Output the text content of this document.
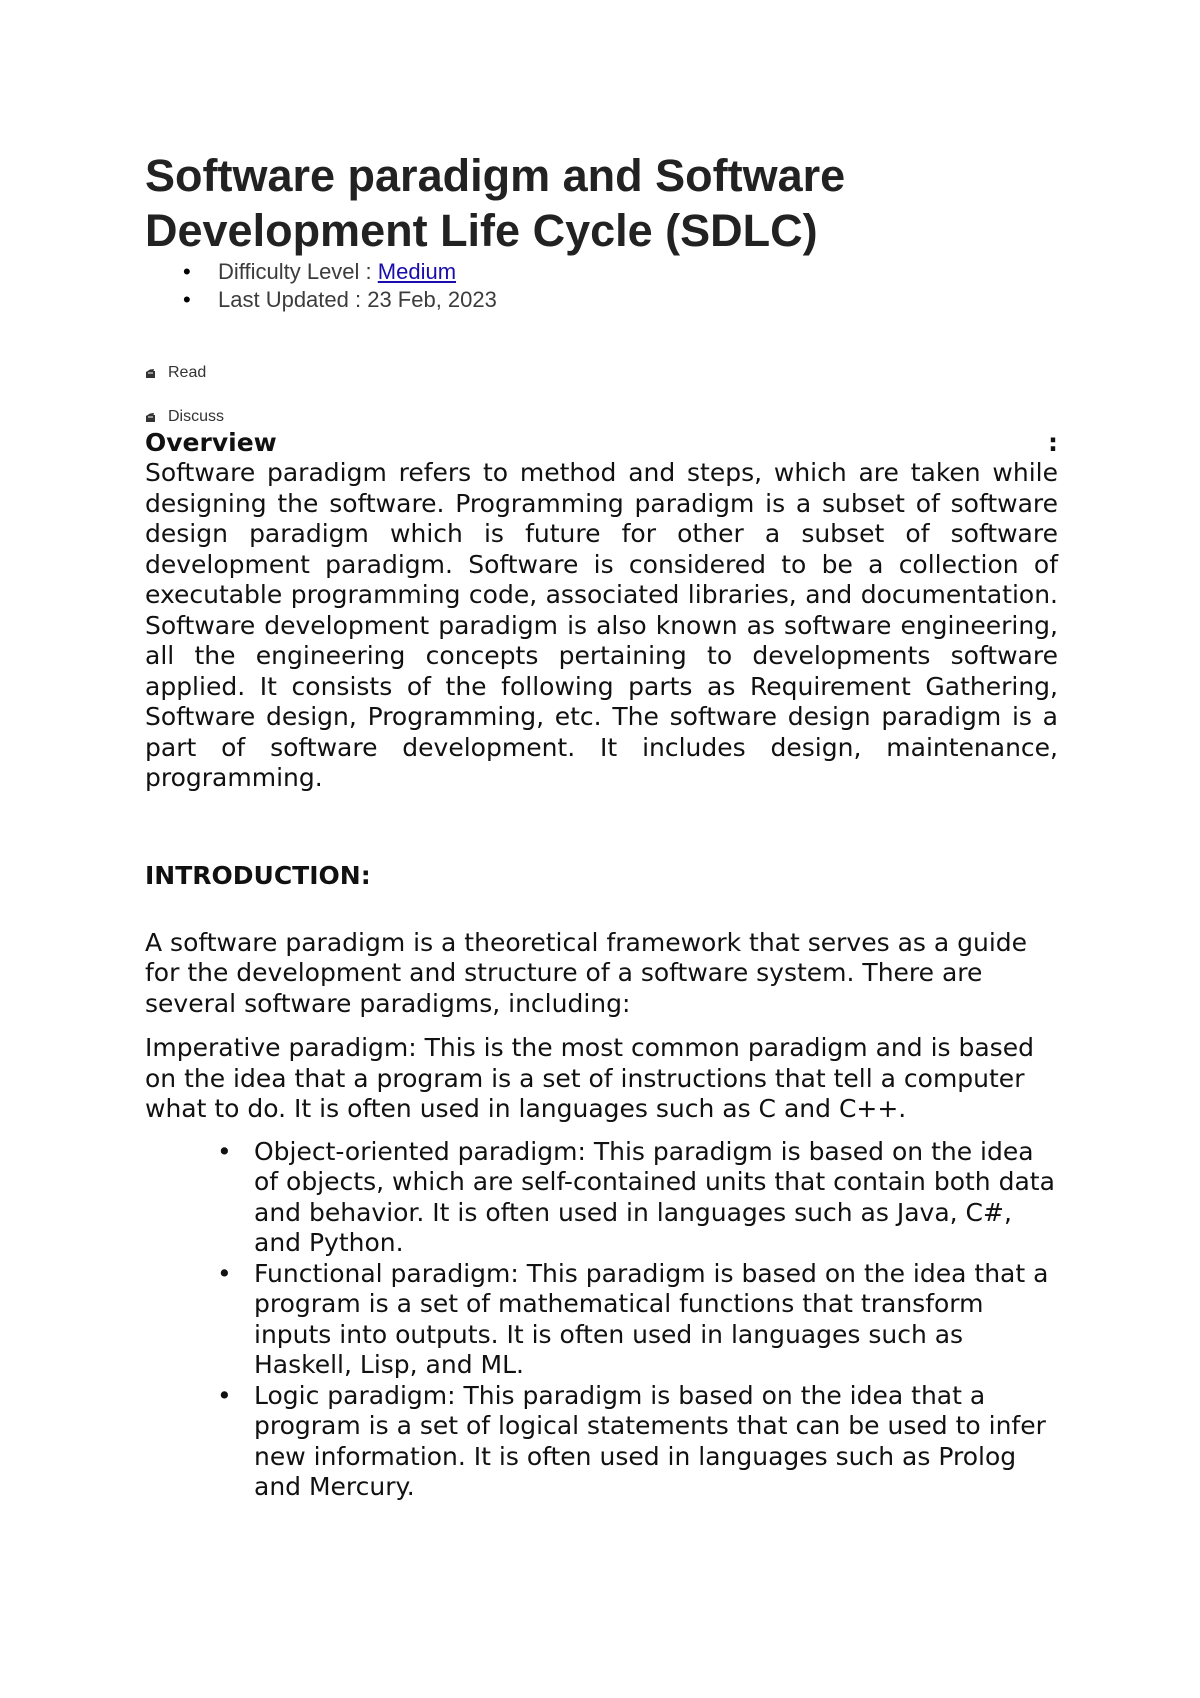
Software paradigm and Software Development Life Cycle (SDLC)
• Difficulty Level : Medium
• Last Updated : 23 Feb, 2023
Read
Discuss
Overview	:

Software paradigm refers to method and steps, which are taken while designing the software. Programming paradigm is a subset of software design paradigm which is future for other a subset of software development paradigm. Software is considered to be a collection of executable programming code, associated libraries, and documentation. Software development paradigm is also known as software engineering, all the engineering concepts pertaining to developments software applied. It consists of the following parts as Requirement Gathering, Software design, Programming, etc. The software design paradigm is a part of software development. It includes design, maintenance, programming.

INTRODUCTION:

A software paradigm is a theoretical framework that serves as a guide for the development and structure of a software system. There are several software paradigms, including:

Imperative paradigm: This is the most common paradigm and is based on the idea that a program is a set of instructions that tell a computer what to do. It is often used in languages such as C and C++.

• Object-oriented paradigm: This paradigm is based on the idea of objects, which are self-contained units that contain both data and behavior. It is often used in languages such as Java, C#, and Python.
• Functional paradigm: This paradigm is based on the idea that a program is a set of mathematical functions that transform inputs into outputs. It is often used in languages such as Haskell, Lisp, and ML.
• Logic paradigm: This paradigm is based on the idea that a program is a set of logical statements that can be used to infer new information. It is often used in languages such as Prolog and Mercury.
